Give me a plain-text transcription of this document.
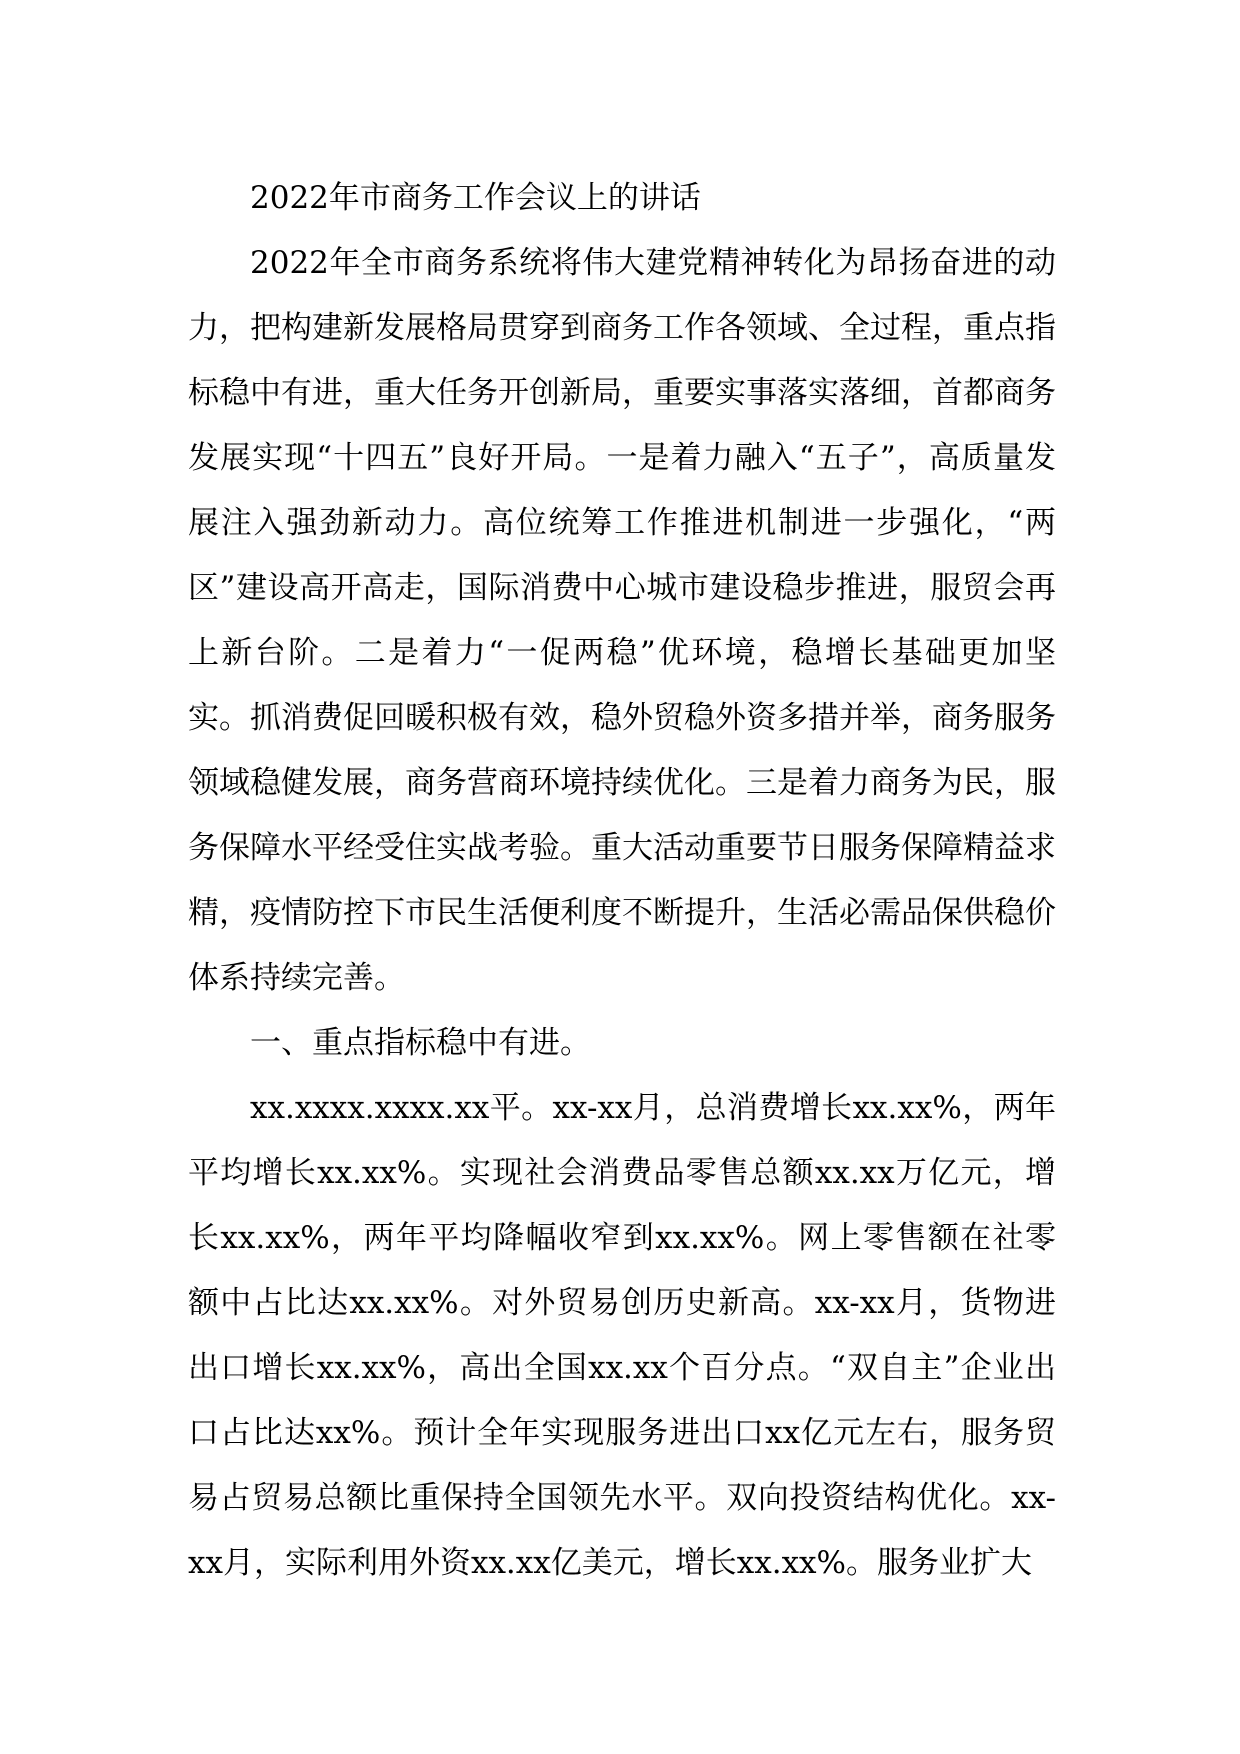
2022年市商务工作会议上的讲话

2022年全市商务系统将伟大建党精神转化为昂扬奋进的动力，把构建新发展格局贯穿到商务工作各领域、全过程，重点指标稳中有进，重大任务开创新局，重要实事落实落细，首都商务发展实现“十四五”良好开局。一是着力融入“五子”，高质量发展注入强劲新动力。高位统筹工作推进机制进一步强化，“两区”建设高开高走，国际消费中心城市建设稳步推进，服贸会再上新台阶。二是着力“一促两稳”优环境，稳增长基础更加坚实。抓消费促回暖积极有效，稳外贸稳外资多措并举，商务服务领域稳健发展，商务营商环境持续优化。三是着力商务为民，服务保障水平经受住实战考验。重大活动重要节日服务保障精益求精，疫情防控下市民生活便利度不断提升，生活必需品保供稳价体系持续完善。

一、重点指标稳中有进。

xx.xxxx.xxxx.xx平。xx-xx月，总消费增长xx.xx%，两年平均增长xx.xx%。实现社会消费品零售总额xx.xx万亿元，增长xx.xx%，两年平均降幅收窄到xx.xx%。网上零售额在社零额中占比达xx.xx%。对外贸易创历史新高。xx-xx月，货物进出口增长xx.xx%，高出全国xx.xx个百分点。“双自主”企业出口占比达xx%。预计全年实现服务进出口xx亿元左右，服务贸易占贸易总额比重保持全国领先水平。双向投资结构优化。xx-xx月，实际利用外资xx.xx亿美元，增长xx.xx%。服务业扩大
